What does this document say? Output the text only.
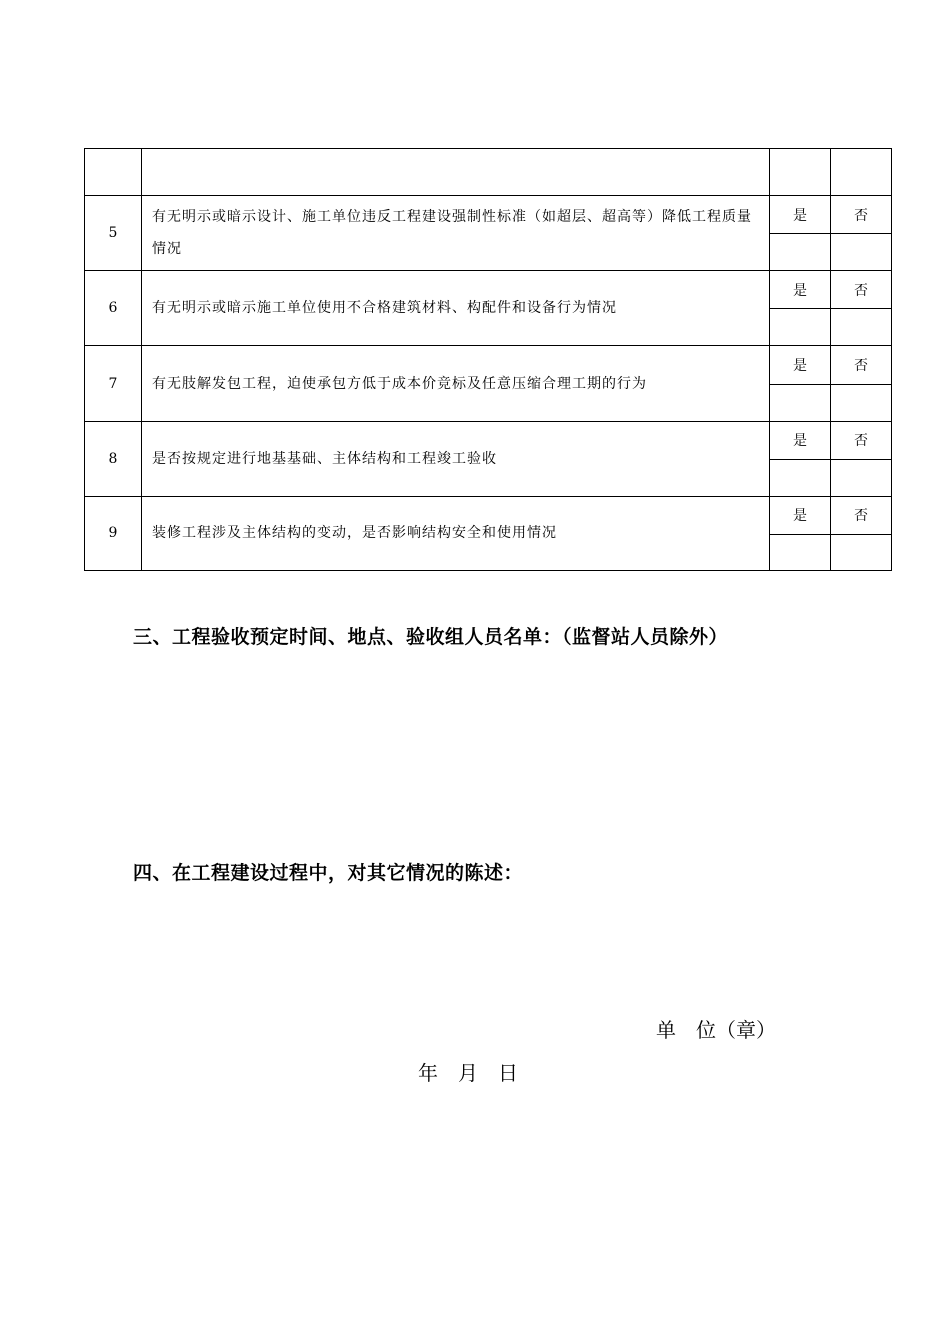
5	有无明示或暗示设计、施工单位违反工程建设强制性标准（如超层、超高等）降低工程质量情况	是	否

6	有无明示或暗示施工单位使用不合格建筑材料、构配件和设备行为情况	是	否

7	有无肢解发包工程，迫使承包方低于成本价竞标及任意压缩合理工期的行为	是	否

8	是否按规定进行地基基础、主体结构和工程竣工验收	是	否

9	装修工程涉及主体结构的变动，是否影响结构安全和使用情况	是	否

三、工程验收预定时间、地点、验收组人员名单：（监督站人员除外）
四、在工程建设过程中，对其它情况的陈述：
单　位（章）
年　月　日
